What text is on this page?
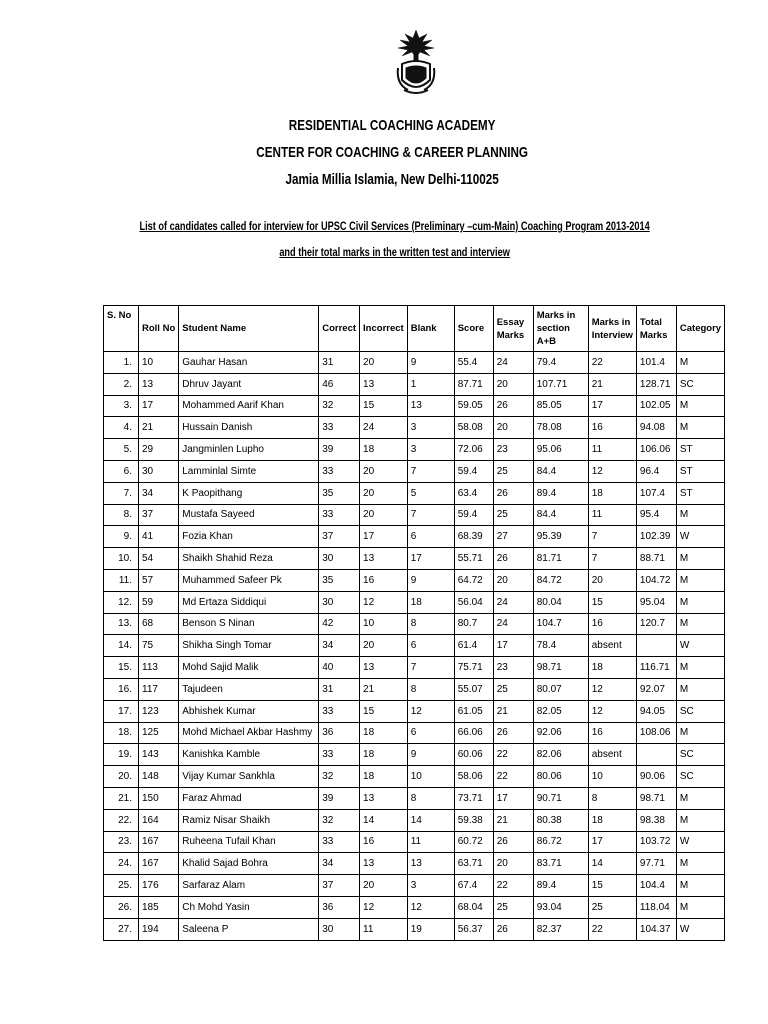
RESIDENTIAL COACHING ACADEMY
CENTER FOR COACHING & CAREER PLANNING
Jamia Millia Islamia, New Delhi-110025
List of candidates called for interview for UPSC Civil Services (Preliminary –cum-Main) Coaching Program 2013-2014
and their total marks in the written test and interview
S. No	Roll No	Student Name	Correct	Incorrect	Blank	Score	Essay Marks	Marks in section A+B	Marks in Interview	Total Marks	Category
1.	10	Gauhar Hasan	31	20	9	55.4	24	79.4	22	101.4	M
2.	13	Dhruv Jayant	46	13	1	87.71	20	107.71	21	128.71	SC
3.	17	Mohammed Aarif Khan	32	15	13	59.05	26	85.05	17	102.05	M
4.	21	Hussain Danish	33	24	3	58.08	20	78.08	16	94.08	M
5.	29	Jangminlen Lupho	39	18	3	72.06	23	95.06	11	106.06	ST
6.	30	Lamminlal Simte	33	20	7	59.4	25	84.4	12	96.4	ST
7.	34	K Paopithang	35	20	5	63.4	26	89.4	18	107.4	ST
8.	37	Mustafa Sayeed	33	20	7	59.4	25	84.4	11	95.4	M
9.	41	Fozia Khan	37	17	6	68.39	27	95.39	7	102.39	W
10.	54	Shaikh Shahid Reza	30	13	17	55.71	26	81.71	7	88.71	M
11.	57	Muhammed Safeer Pk	35	16	9	64.72	20	84.72	20	104.72	M
12.	59	Md Ertaza Siddiqui	30	12	18	56.04	24	80.04	15	95.04	M
13.	68	Benson S Ninan	42	10	8	80.7	24	104.7	16	120.7	M
14.	75	Shikha Singh Tomar	34	20	6	61.4	17	78.4	absent		W
15.	113	Mohd Sajid Malik	40	13	7	75.71	23	98.71	18	116.71	M
16.	117	Tajudeen	31	21	8	55.07	25	80.07	12	92.07	M
17.	123	Abhishek Kumar	33	15	12	61.05	21	82.05	12	94.05	SC
18.	125	Mohd Michael Akbar Hashmy	36	18	6	66.06	26	92.06	16	108.06	M
19.	143	Kanishka Kamble	33	18	9	60.06	22	82.06	absent		SC
20.	148	Vijay Kumar Sankhla	32	18	10	58.06	22	80.06	10	90.06	SC
21.	150	Faraz Ahmad	39	13	8	73.71	17	90.71	8	98.71	M
22.	164	Ramiz Nisar Shaikh	32	14	14	59.38	21	80.38	18	98.38	M
23.	167	Ruheena Tufail Khan	33	16	11	60.72	26	86.72	17	103.72	W
24.	167	Khalid Sajad Bohra	34	13	13	63.71	20	83.71	14	97.71	M
25.	176	Sarfaraz Alam	37	20	3	67.4	22	89.4	15	104.4	M
26.	185	Ch Mohd Yasin	36	12	12	68.04	25	93.04	25	118.04	M
27.	194	Saleena P	30	11	19	56.37	26	82.37	22	104.37	W
